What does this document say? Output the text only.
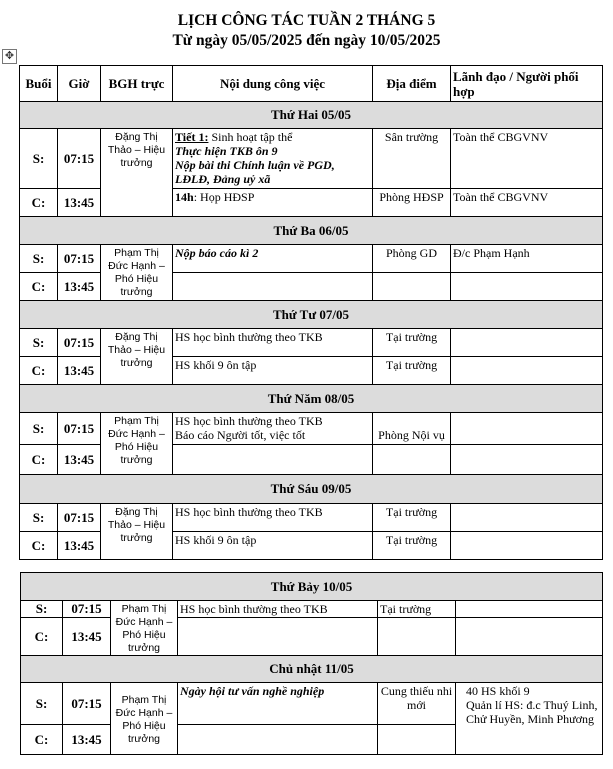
LỊCH CÔNG TÁC TUẦN 2 THÁNG 5
Từ ngày 05/05/2025 đến ngày 10/05/2025
✥
Buổi	Giờ	BGH trực	Nội dung công việc	Địa điểm	Lãnh đạo / Người phối hợp
Thứ Hai 05/05					
S:	07:15	Đặng Thị Thảo – Hiệu trưởng	Tiết 1: Sinh hoạt tập thể
Thực hiện TKB ôn 9
Nộp bài thi Chính luận về PGD, LĐLĐ, Đảng uỷ xã	Sân trường	Toàn thể CBGVNV
C:	13:45		14h: Họp HĐSP	Phòng HĐSP	Toàn thể CBGVNV
Thứ Ba 06/05					
S:	07:15	Phạm Thị Đức Hạnh – Phó Hiệu trưởng	Nộp báo cáo kì 2	Phòng GD	Đ/c Phạm Hạnh
C:	13:45				
Thứ Tư 07/05					
S:	07:15	Đặng Thị Thảo – Hiệu trưởng	HS học bình thường theo TKB	Tại trường	
C:	13:45		HS khối 9 ôn tập	Tại trường	
Thứ Năm 08/05					
S:	07:15	Phạm Thị Đức Hạnh – Phó Hiệu trưởng	HS học bình thường theo TKB
Báo cáo Người tốt, việc tốt	Phòng Nội vụ	
C:	13:45				
Thứ Sáu 09/05					
S:	07:15	Đặng Thị Thảo – Hiệu trưởng	HS học bình thường theo TKB	Tại trường	
C:	13:45		HS khối 9 ôn tập	Tại trường	
Thứ Bảy 10/05					
S:	07:15	Phạm Thị Đức Hạnh – Phó Hiệu trưởng	HS học bình thường theo TKB	Tại trường	
C:	13:45				
Chủ nhật 11/05					
S:	07:15	Phạm Thị Đức Hạnh – Phó Hiệu trưởng	Ngày hội tư vấn nghề nghiệp	Cung thiếu nhi mới	40 HS khối 9
Quản lí HS: đ.c Thuý Linh, Chử Huyền, Minh Phương

C:	13:45				
